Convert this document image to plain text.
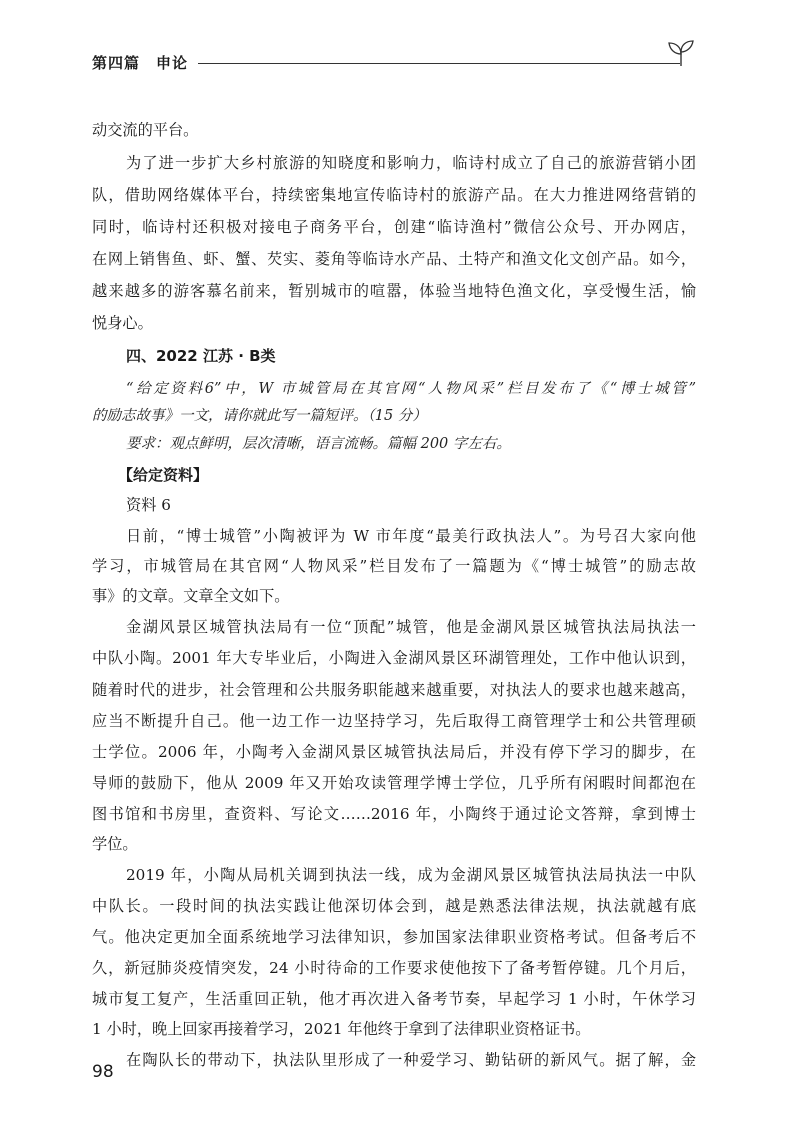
第四篇　申论
动交流的平台。
为了进一步扩大乡村旅游的知晓度和影响力，临诗村成立了自己的旅游营销小团
队，借助网络媒体平台，持续密集地宣传临诗村的旅游产品。在大力推进网络营销的
同时，临诗村还积极对接电子商务平台，创建“临诗渔村”微信公众号、开办网店，
在网上销售鱼、虾、蟹、芡实、菱角等临诗水产品、土特产和渔文化文创产品。如今，
越来越多的游客慕名前来，暂别城市的喧嚣，体验当地特色渔文化，享受慢生活，愉
悦身心。
四、2022 江苏 · B类
“给定资料6”中，W 市城管局在其官网“人物风采”栏目发布了《“博士城管”
的励志故事》一文，请你就此写一篇短评。（15 分）
要求：观点鲜明，层次清晰，语言流畅。篇幅 200 字左右。
【给定资料】
资料 6
日前，“博士城管”小陶被评为 W 市年度“最美行政执法人”。为号召大家向他
学习，市城管局在其官网“人物风采”栏目发布了一篇题为《“博士城管”的励志故
事》的文章。文章全文如下。
金湖风景区城管执法局有一位“顶配”城管，他是金湖风景区城管执法局执法一
中队小陶。2001 年大专毕业后，小陶进入金湖风景区环湖管理处，工作中他认识到，
随着时代的进步，社会管理和公共服务职能越来越重要，对执法人的要求也越来越高，
应当不断提升自己。他一边工作一边坚持学习，先后取得工商管理学士和公共管理硕
士学位。2006 年，小陶考入金湖风景区城管执法局后，并没有停下学习的脚步，在
导师的鼓励下，他从 2009 年又开始攻读管理学博士学位，几乎所有闲暇时间都泡在
图书馆和书房里，查资料、写论文……2016 年，小陶终于通过论文答辩，拿到博士
学位。
2019 年，小陶从局机关调到执法一线，成为金湖风景区城管执法局执法一中队
中队长。一段时间的执法实践让他深切体会到，越是熟悉法律法规，执法就越有底
气。他决定更加全面系统地学习法律知识，参加国家法律职业资格考试。但备考后不
久，新冠肺炎疫情突发，24 小时待命的工作要求使他按下了备考暂停键。几个月后，
城市复工复产，生活重回正轨，他才再次进入备考节奏，早起学习 1 小时，午休学习
1 小时，晚上回家再接着学习，2021 年他终于拿到了法律职业资格证书。
在陶队长的带动下，执法队里形成了一种爱学习、勤钻研的新风气。据了解，金
98
